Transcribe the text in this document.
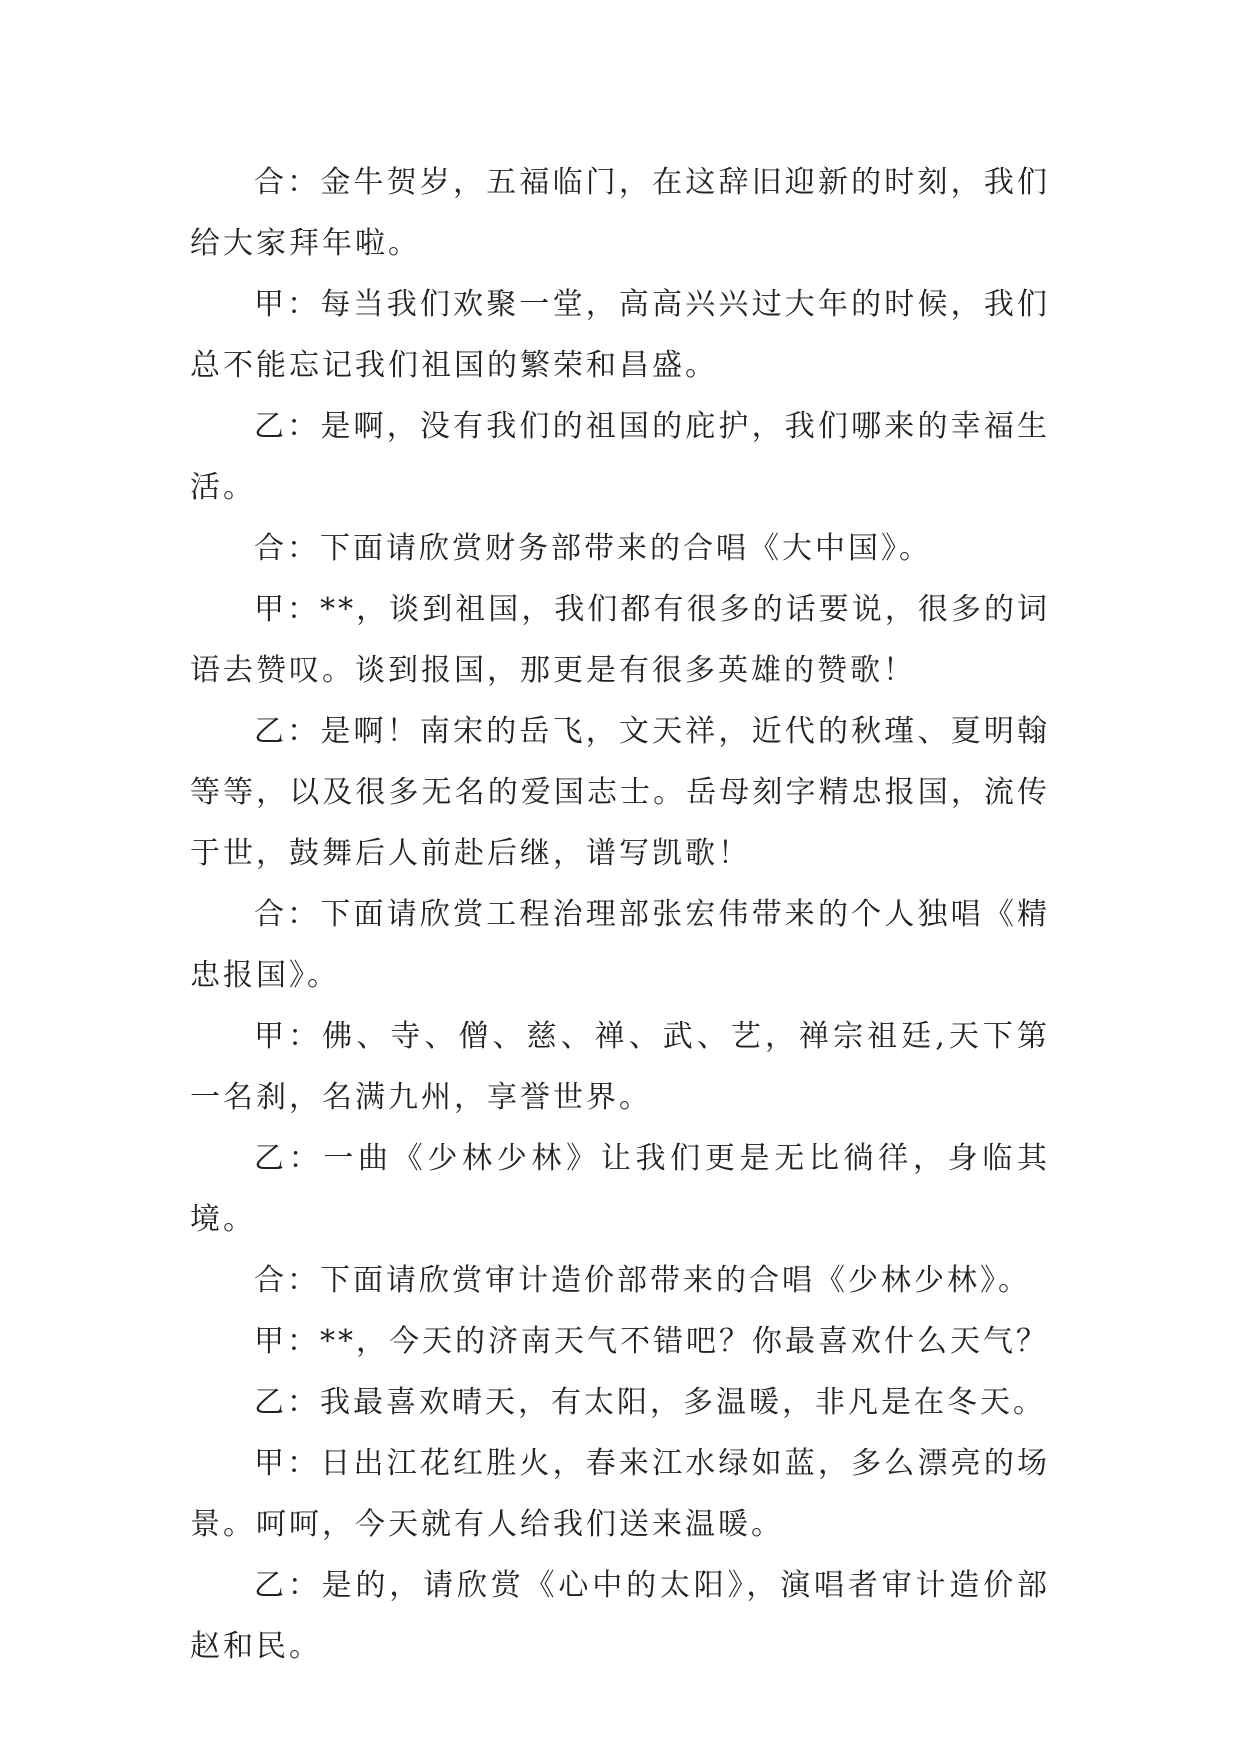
合：金牛贺岁，五福临门，在这辞旧迎新的时刻，我们给大家拜年啦。

甲：每当我们欢聚一堂，高高兴兴过大年的时候，我们总不能忘记我们祖国的繁荣和昌盛。

乙：是啊，没有我们的祖国的庇护，我们哪来的幸福生活。

合：下面请欣赏财务部带来的合唱《大中国》。

甲：**，谈到祖国，我们都有很多的话要说，很多的词语去赞叹。谈到报国，那更是有很多英雄的赞歌！

乙：是啊！南宋的岳飞，文天祥，近代的秋瑾、夏明翰等等，以及很多无名的爱国志士。岳母刻字精忠报国，流传于世，鼓舞后人前赴后继，谱写凯歌！

合：下面请欣赏工程治理部张宏伟带来的个人独唱《精忠报国》。

甲：佛、寺、僧、慈、禅、武、艺，禅宗祖廷,天下第一名刹，名满九州，享誉世界。

乙：一曲《少林少林》让我们更是无比徜徉，身临其境。

合：下面请欣赏审计造价部带来的合唱《少林少林》。

甲：**，今天的济南天气不错吧？你最喜欢什么天气？

乙：我最喜欢晴天，有太阳，多温暖，非凡是在冬天。

甲：日出江花红胜火，春来江水绿如蓝，多么漂亮的场景。呵呵，今天就有人给我们送来温暖。

乙：是的，请欣赏《心中的太阳》，演唱者审计造价部赵和民。
